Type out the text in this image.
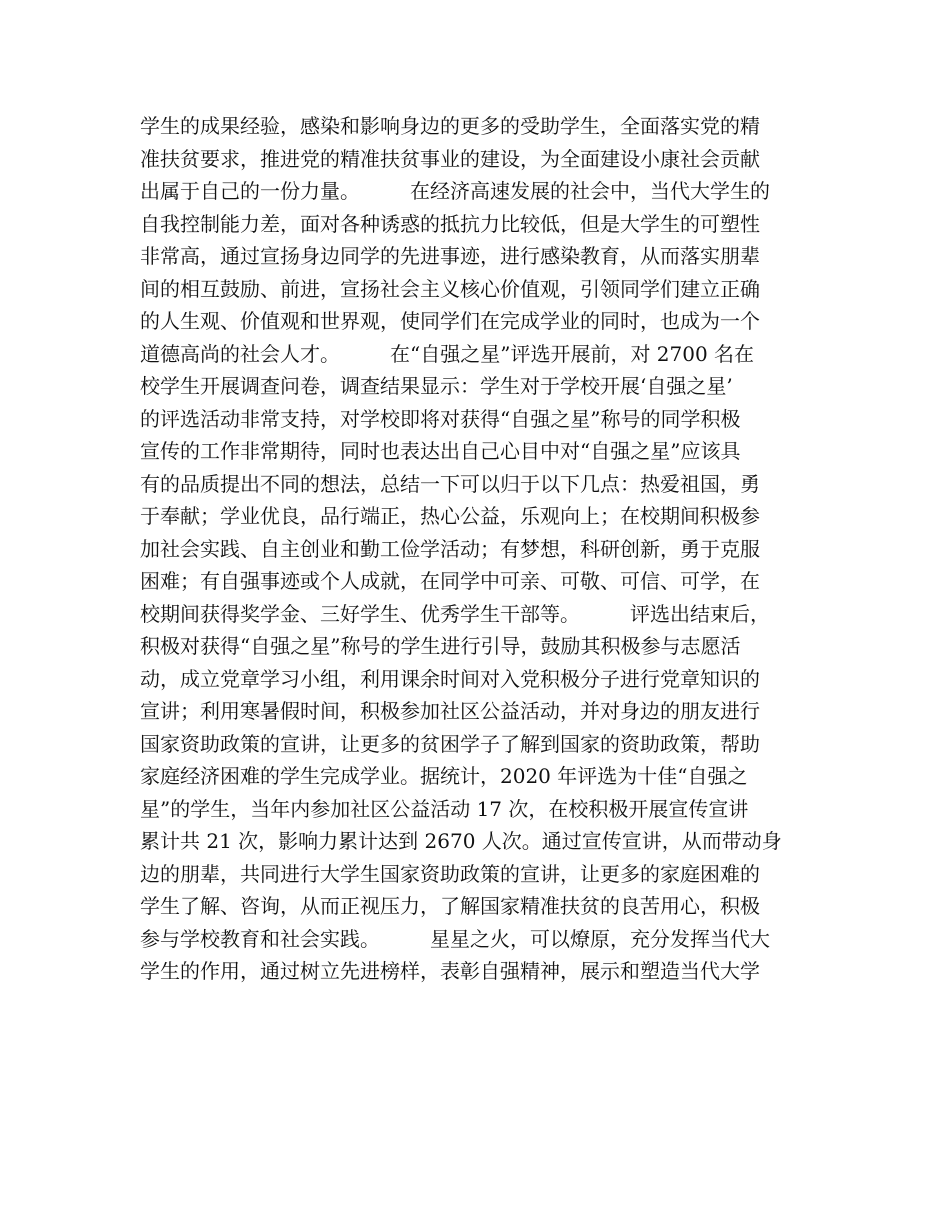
学生的成果经验，感染和影响身边的更多的受助学生，全面落实党的精
准扶贫要求，推进党的精准扶贫事业的建设，为全面建设小康社会贡献
出属于自己的一份力量。　　　在经济高速发展的社会中，当代大学生的
自我控制能力差，面对各种诱惑的抵抗力比较低，但是大学生的可塑性
非常高，通过宣扬身边同学的先进事迹，进行感染教育，从而落实朋辈
间的相互鼓励、前进，宣扬社会主义核心价值观，引领同学们建立正确
的人生观、价值观和世界观，使同学们在完成学业的同时，也成为一个
道德高尚的社会人才。　　　在“自强之星”评选开展前，对 2700 名在
校学生开展调查问卷，调查结果显示：学生对于学校开展‘自强之星’
的评选活动非常支持，对学校即将对获得“自强之星”称号的同学积极
宣传的工作非常期待，同时也表达出自己心目中对“自强之星”应该具
有的品质提出不同的想法，总结一下可以归于以下几点：热爱祖国，勇
于奉献；学业优良，品行端正，热心公益，乐观向上；在校期间积极参
加社会实践、自主创业和勤工俭学活动；有梦想，科研创新，勇于克服
困难；有自强事迹或个人成就，在同学中可亲、可敬、可信、可学，在
校期间获得奖学金、三好学生、优秀学生干部等。　　　评选出结束后，
积极对获得“自强之星”称号的学生进行引导，鼓励其积极参与志愿活
动，成立党章学习小组，利用课余时间对入党积极分子进行党章知识的
宣讲；利用寒暑假时间，积极参加社区公益活动，并对身边的朋友进行
国家资助政策的宣讲，让更多的贫困学子了解到国家的资助政策，帮助
家庭经济困难的学生完成学业。据统计，2020 年评选为十佳“自强之
星”的学生，当年内参加社区公益活动 17 次，在校积极开展宣传宣讲
累计共 21 次，影响力累计达到 2670 人次。通过宣传宣讲，从而带动身
边的朋辈，共同进行大学生国家资助政策的宣讲，让更多的家庭困难的
学生了解、咨询，从而正视压力，了解国家精准扶贫的良苦用心，积极
参与学校教育和社会实践。　　　星星之火，可以燎原，充分发挥当代大
学生的作用，通过树立先进榜样，表彰自强精神，展示和塑造当代大学
